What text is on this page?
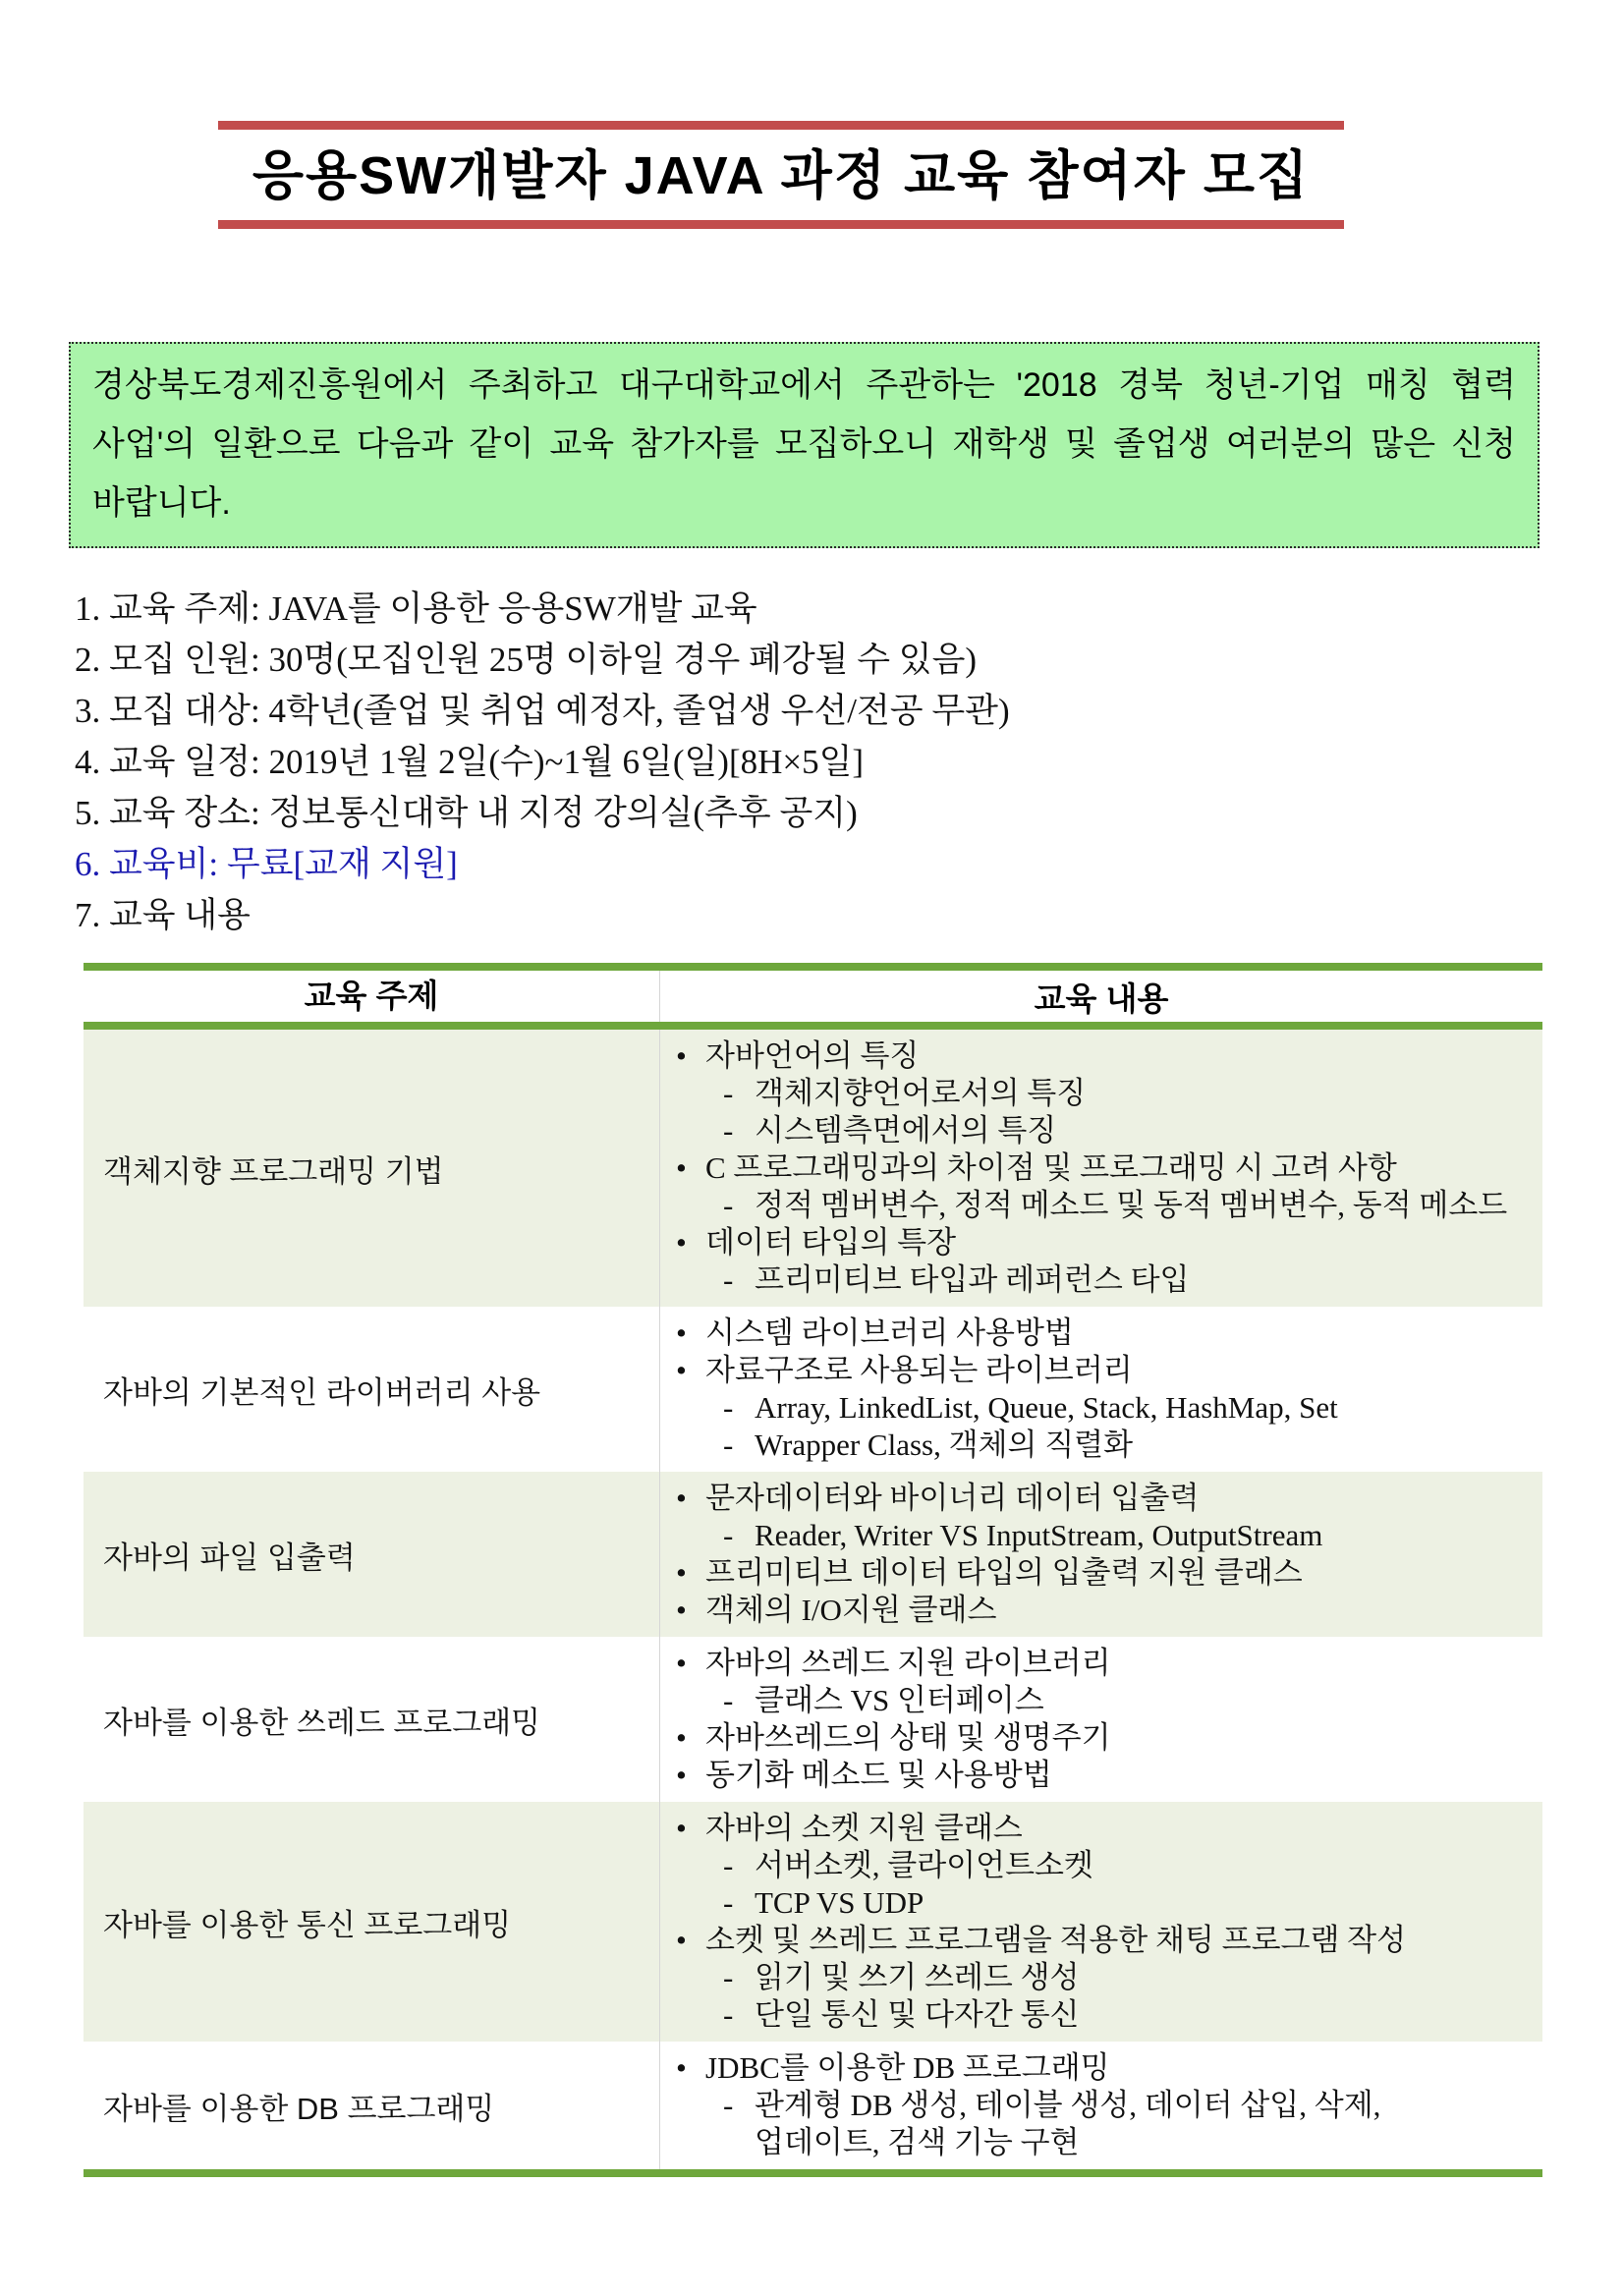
응용SW개발자 JAVA 과정 교육 참여자 모집

경상북도경제진흥원에서 주최하고 대구대학교에서 주관하는 '2018 경북 청년-기업 매칭 협력 사업'의 일환으로 다음과 같이 교육 참가자를 모집하오니 재학생 및 졸업생 여러분의 많은 신청 바랍니다.

1. 교육 주제: JAVA를 이용한 응용SW개발 교육
2. 모집 인원: 30명(모집인원 25명 이하일 경우 폐강될 수 있음)
3. 모집 대상: 4학년(졸업 및 취업 예정자, 졸업생 우선/전공 무관)
4. 교육 일정: 2019년 1월 2일(수)~1월 6일(일)[8H×5일]
5. 교육 장소: 정보통신대학 내 지정 강의실(추후 공지)
6. 교육비: 무료[교재 지원]
7. 교육 내용
교육 주제	교육 내용
객체지향 프로그래밍 기법
• 자바언어의 특징
- 객체지향언어로서의 특징
- 시스템측면에서의 특징
• C 프로그래밍과의 차이점 및 프로그래밍 시 고려 사항
- 정적 멤버변수, 정적 메소드 및 동적 멤버변수, 동적 메소드
• 데이터 타입의 특장
- 프리미티브 타입과 레퍼런스 타입
자바의 기본적인 라이버러리 사용
• 시스템 라이브러리 사용방법
• 자료구조로 사용되는 라이브러리
- Array, LinkedList, Queue, Stack, HashMap, Set
- Wrapper Class, 객체의 직렬화
자바의 파일 입출력
• 문자데이터와 바이너리 데이터 입출력
- Reader, Writer VS InputStream, OutputStream
• 프리미티브 데이터 타입의 입출력 지원 클래스
• 객체의 I/O지원 클래스
자바를 이용한 쓰레드 프로그래밍
• 자바의 쓰레드 지원 라이브러리
- 클래스 VS 인터페이스
• 자바쓰레드의 상태 및 생명주기
• 동기화 메소드 및 사용방법
자바를 이용한 통신 프로그래밍
• 자바의 소켓 지원 클래스
- 서버소켓, 클라이언트소켓
- TCP VS UDP
• 소켓 및 쓰레드 프로그램을 적용한 채팅 프로그램 작성
- 읽기 및 쓰기 쓰레드 생성
- 단일 통신 및 다자간 통신
자바를 이용한 DB 프로그래밍
• JDBC를 이용한 DB 프로그래밍
- 관계형 DB 생성, 테이블 생성, 데이터 삽입, 삭제,
업데이트, 검색 기능 구현
